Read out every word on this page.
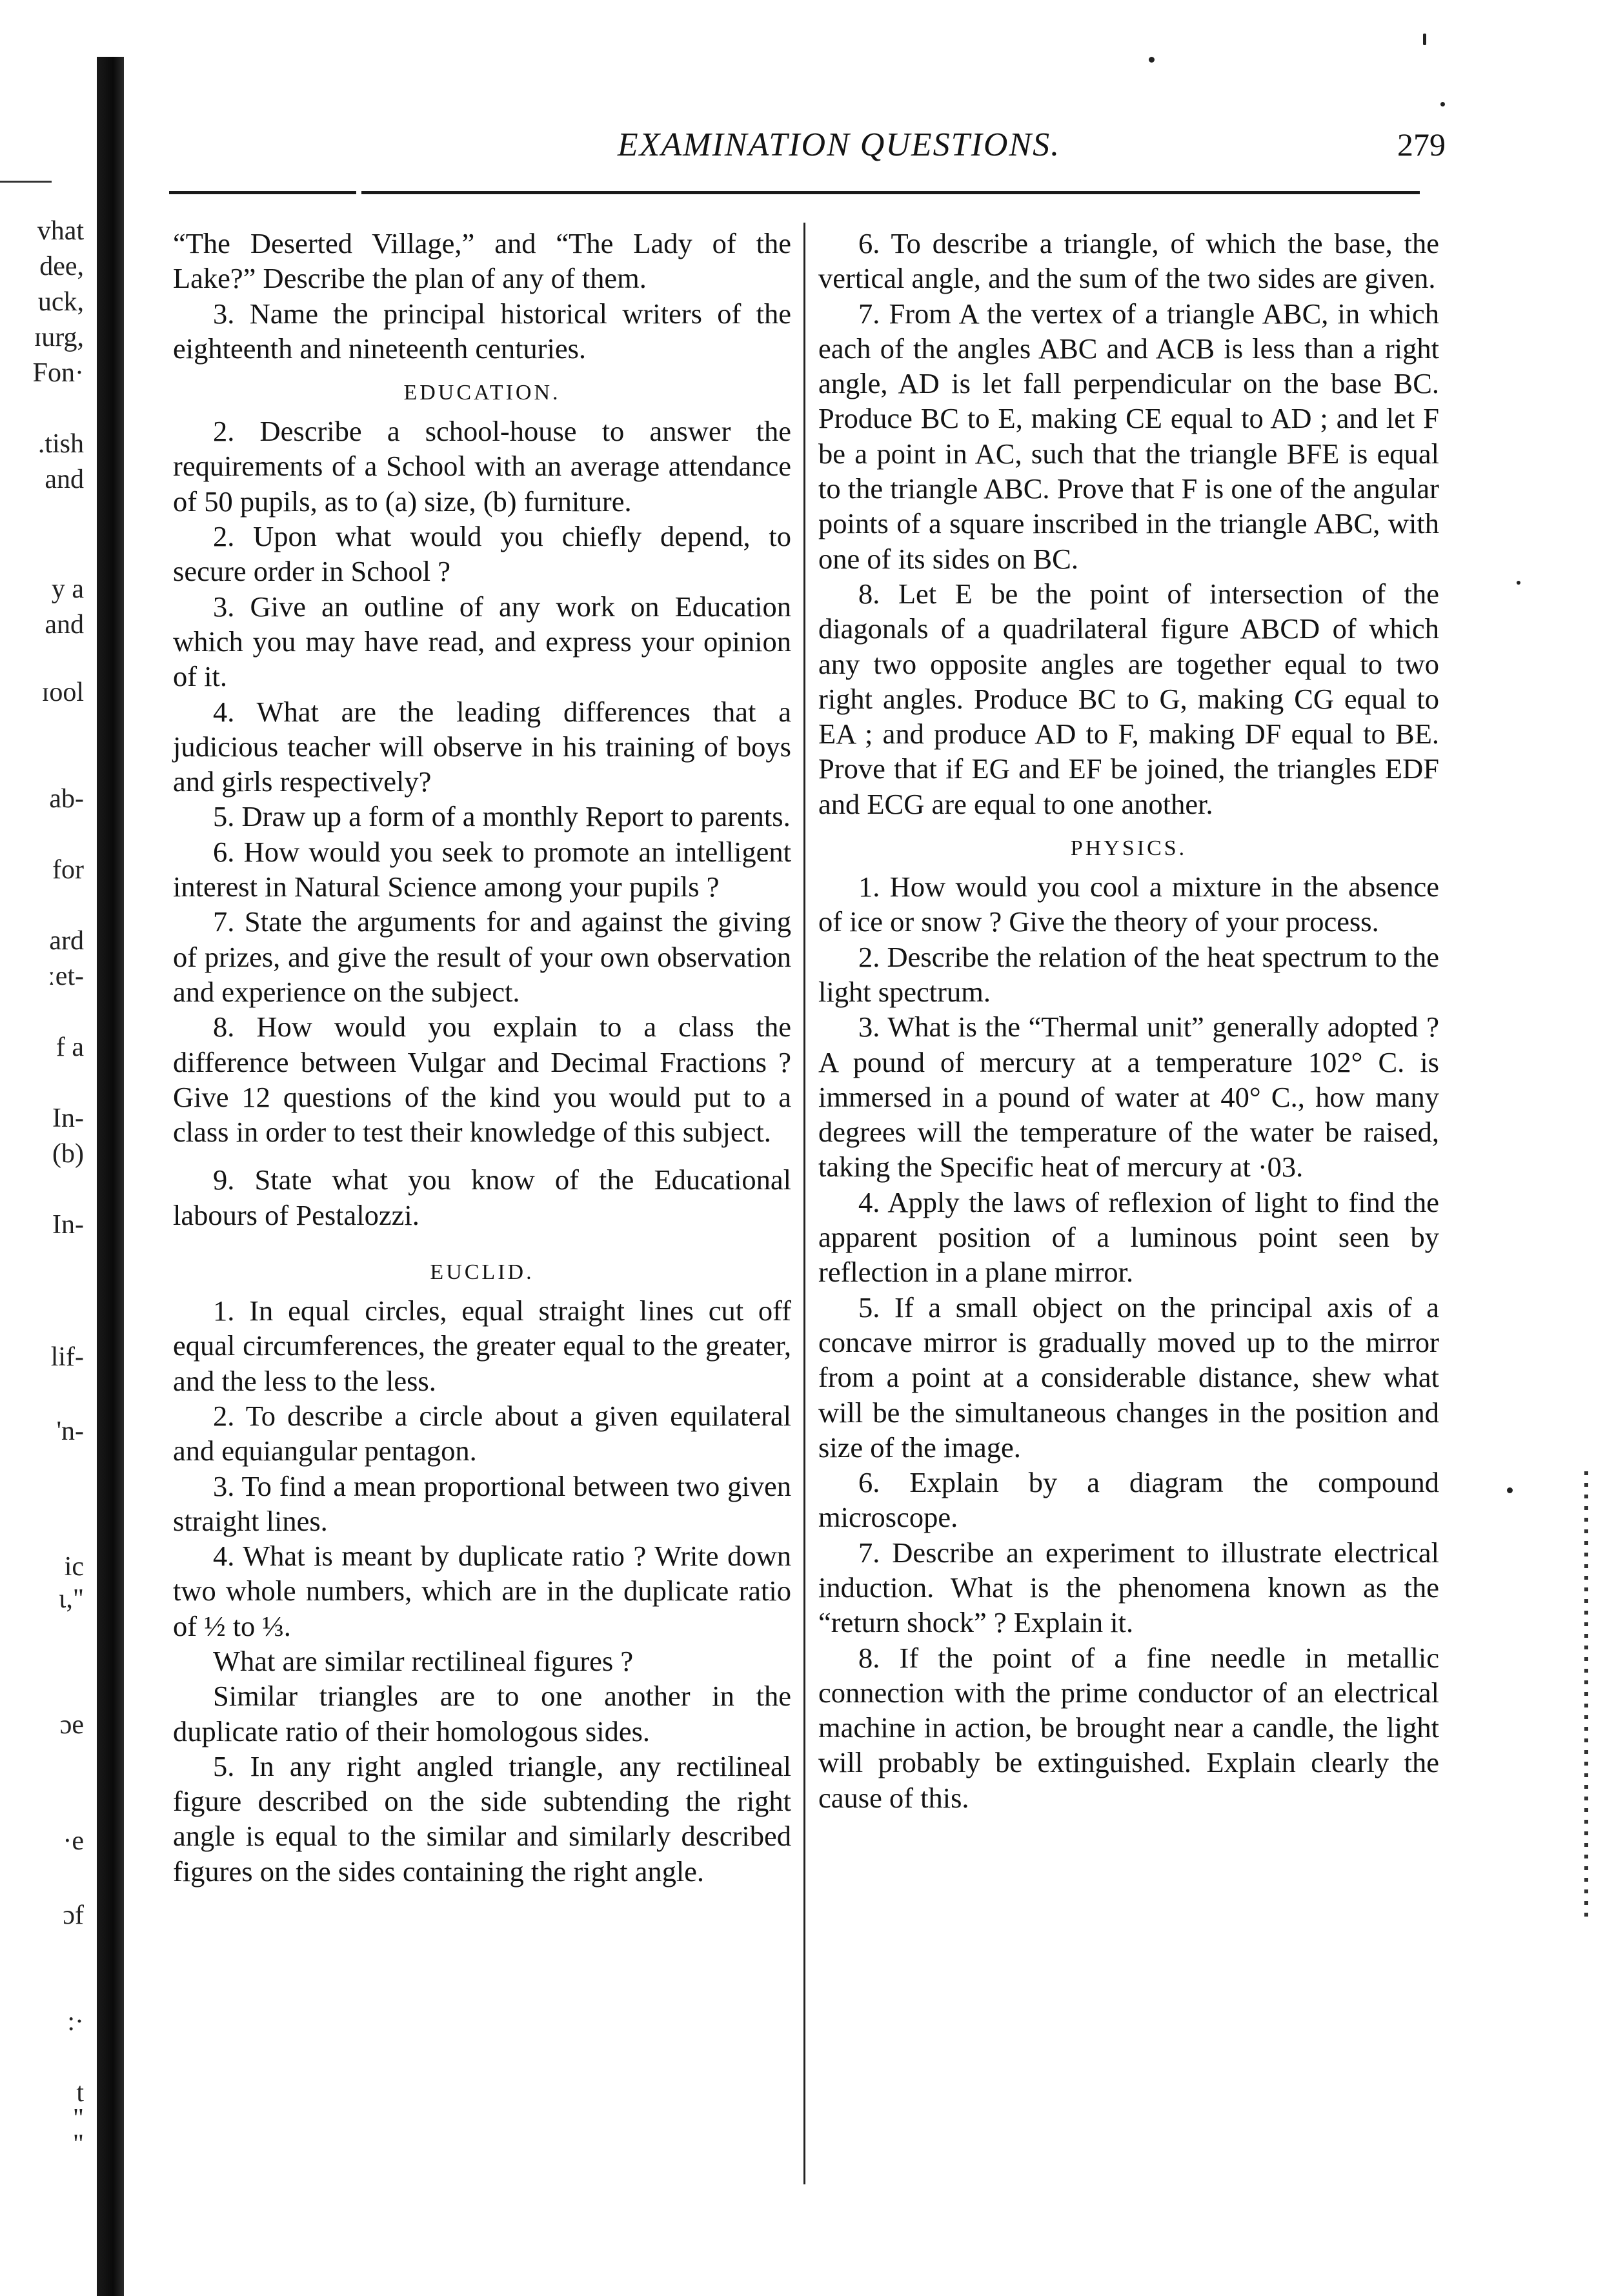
vhat
dee,
uck,
ɪurg,
Fon·
.tish
and
y a
and
ɪool
ab-
for
ard
ːet-
f a
In-
(b)
In-
lif-
'n-
ic
ι,"
ɔe
·e
ɔf
:·
t
"
"
EXAMINATION QUESTIONS.	279

“The Deserted Village,” and “The Lady of the Lake?” Describe the plan of any of them.

3. Name the principal historical writers of the eighteenth and nineteenth centuries.

EDUCATION.

2. Describe a school-house to answer the requirements of a School with an average attendance of 50 pupils, as to (a) size, (b) furniture.

2. Upon what would you chiefly depend, to secure order in School ?

3. Give an outline of any work on Education which you may have read, and express your opinion of it.

4. What are the leading differences that a judicious teacher will observe in his training of boys and girls respectively?

5. Draw up a form of a monthly Report to parents.

6. How would you seek to promote an intelligent interest in Natural Science among your pupils ?

7. State the arguments for and against the giving of prizes, and give the result of your own observation and experience on the subject.

8. How would you explain to a class the difference between Vulgar and Decimal Fractions ? Give 12 questions of the kind you would put to a class in order to test their knowledge of this subject.

9. State what you know of the Educational labours of Pestalozzi.

EUCLID.

1. In equal circles, equal straight lines cut off equal circumferences, the greater equal to the greater, and the less to the less.

2. To describe a circle about a given equilateral and equiangular pentagon.

3. To find a mean proportional between two given straight lines.

4. What is meant by duplicate ratio ? Write down two whole numbers, which are in the duplicate ratio of ½ to ⅓.

What are similar rectilineal figures ?

Similar triangles are to one another in the duplicate ratio of their homologous sides.

5. In any right angled triangle, any rectilineal figure described on the side subtending the right angle is equal to the similar and similarly described figures on the sides containing the right angle.

6. To describe a triangle, of which the base, the vertical angle, and the sum of the two sides are given.

7. From A the vertex of a triangle ABC, in which each of the angles ABC and ACB is less than a right angle, AD is let fall perpendicular on the base BC. Produce BC to E, making CE equal to AD ; and let F be a point in AC, such that the triangle BFE is equal to the triangle ABC. Prove that F is one of the angular points of a square inscribed in the triangle ABC, with one of its sides on BC.

8. Let E be the point of intersection of the diagonals of a quadrilateral figure ABCD of which any two opposite angles are together equal to two right angles. Produce BC to G, making CG equal to EA ; and produce AD to F, making DF equal to BE. Prove that if EG and EF be joined, the triangles EDF and ECG are equal to one another.

PHYSICS.

1. How would you cool a mixture in the absence of ice or snow ? Give the theory of your process.

2. Describe the relation of the heat spectrum to the light spectrum.

3. What is the “Thermal unit” generally adopted ? A pound of mercury at a temperature 102° C. is immersed in a pound of water at 40° C., how many degrees will the temperature of the water be raised, taking the Specific heat of mercury at ·03.

4. Apply the laws of reflexion of light to find the apparent position of a luminous point seen by reflection in a plane mirror.

5. If a small object on the principal axis of a concave mirror is gradually moved up to the mirror from a point at a considerable distance, shew what will be the simultaneous changes in the position and size of the image.

6. Explain by a diagram the compound microscope.

7. Describe an experiment to illustrate electrical induction. What is the phenomena known as the “return shock” ? Explain it.

8. If the point of a fine needle in metallic connection with the prime conductor of an electrical machine in action, be brought near a candle, the light will probably be extinguished. Explain clearly the cause of this.
